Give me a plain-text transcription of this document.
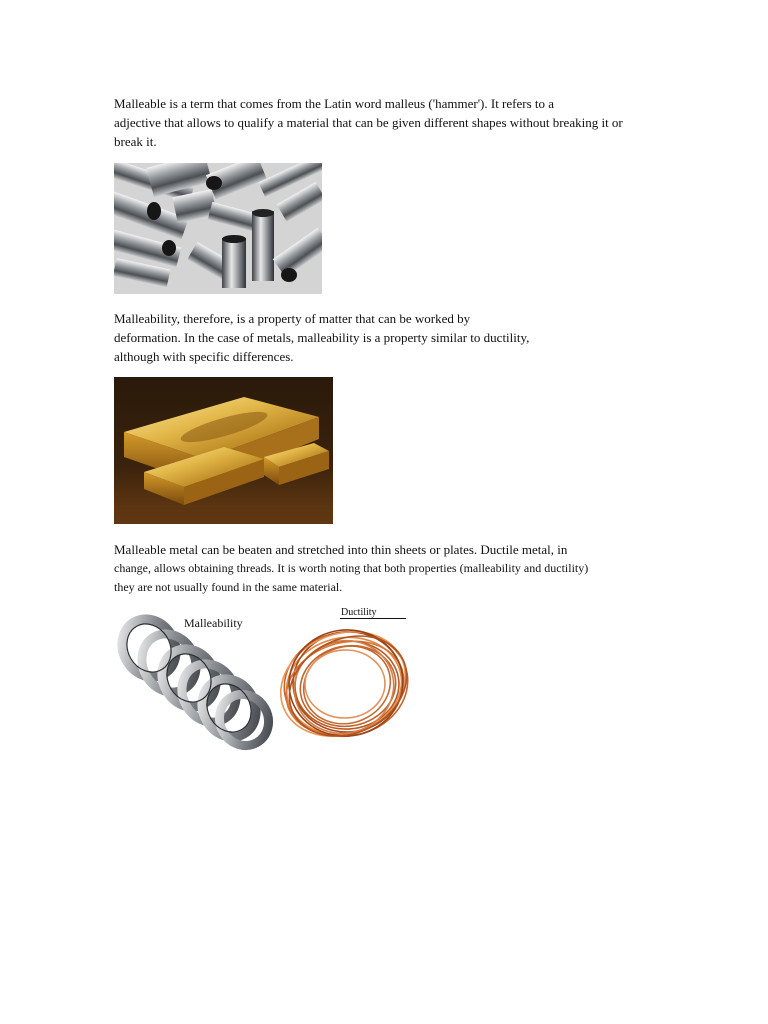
Malleable is a term that comes from the Latin word malleus ('hammer'). It refers to a
adjective that allows to qualify a material that can be given different shapes without breaking it or
break it.

Malleability, therefore, is a property of matter that can be worked by
deformation. In the case of metals, malleability is a property similar to ductility,
although with specific differences.

Malleable metal can be beaten and stretched into thin sheets or plates. Ductile metal, in
change, allows obtaining threads. It is worth noting that both properties (malleability and ductility)
they are not usually found in the same material.

Malleability
Ductility
